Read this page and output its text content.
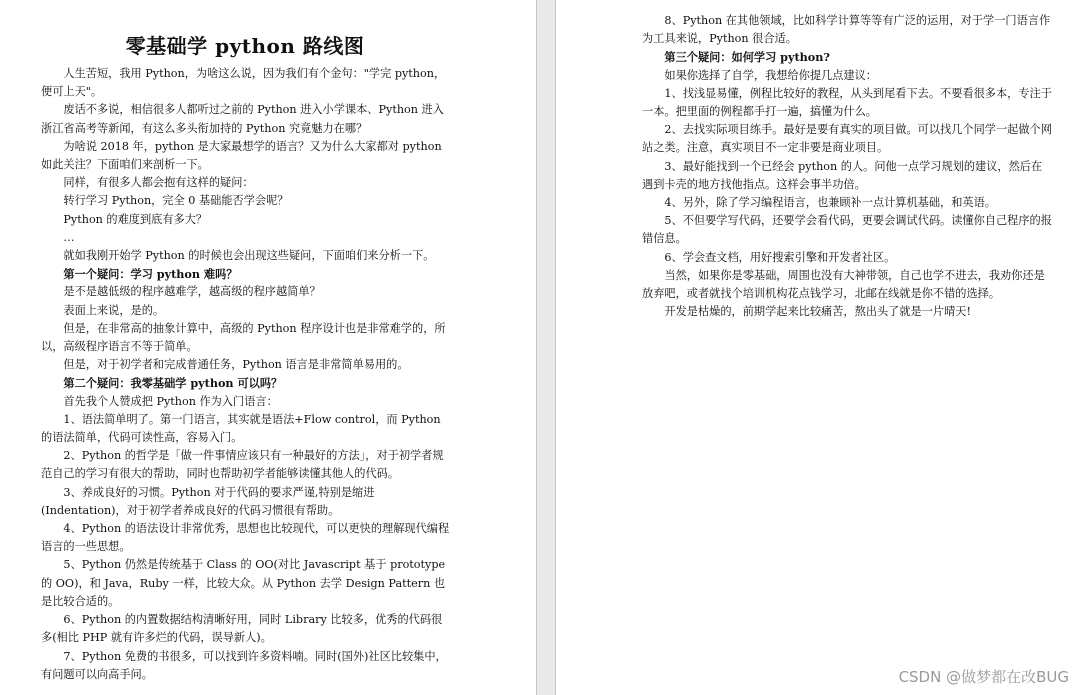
零基础学 python 路线图

人生苦短，我用 Python，为啥这么说，因为我们有个金句："学完 python，便可上天"。

废话不多说，相信很多人都听过之前的 Python 进入小学课本、Python 进入浙江省高考等新闻，有这么多头衔加持的 Python 究竟魅力在哪？

为啥说 2018 年，python 是大家最想学的语言？又为什么大家都对 python 如此关注？下面咱们来剖析一下。

同样，有很多人都会抱有这样的疑问：

转行学习 Python，完全 0 基础能否学会呢？

Python 的难度到底有多大？

…

就如我刚开始学 Python 的时候也会出现这些疑问，下面咱们来分析一下。

第一个疑问：学习 python 难吗？

是不是越低级的程序越难学，越高级的程序越简单？

表面上来说，是的。

但是，在非常高的抽象计算中，高级的 Python 程序设计也是非常难学的，所以，高级程序语言不等于简单。

但是，对于初学者和完成普通任务，Python 语言是非常简单易用的。

第二个疑问：我零基础学 python 可以吗？

首先我个人赞成把 Python 作为入门语言：

1、语法简单明了。第一门语言，其实就是语法+Flow control，而 Python 的语法简单，代码可读性高，容易入门。

2、Python 的哲学是「做一件事情应该只有一种最好的方法」，对于初学者规范自己的学习有很大的帮助，同时也帮助初学者能够读懂其他人的代码。

3、养成良好的习惯。Python 对于代码的要求严谨,特别是缩进(Indentation)，对于初学者养成良好的代码习惯很有帮助。

4、Python 的语法设计非常优秀，思想也比较现代，可以更快的理解现代编程语言的一些思想。

5、Python 仍然是传统基于 Class 的 OO(对比 Javascript 基于 prototype 的 OO)，和 Java，Ruby 一样，比较大众。从 Python 去学 Design Pattern 也是比较合适的。

6、Python 的内置数据结构清晰好用，同时 Library 比较多，优秀的代码很多(相比 PHP 就有许多烂的代码，误导新人)。

7、Python 免费的书很多，可以找到许多资料喃。同时(国外)社区比较集中，有问题可以向高手问。

8、Python 在其他领域，比如科学计算等等有广泛的运用，对于学一门语言作为工具来说，Python 很合适。

第三个疑问：如何学习 python?

如果你选择了自学，我想给你提几点建议：

1、找浅显易懂，例程比较好的教程，从头到尾看下去。不要看很多本，专注于一本。把里面的例程都手打一遍，搞懂为什么。

2、去找实际项目练手。最好是要有真实的项目做。可以找几个同学一起做个网站之类。注意，真实项目不一定非要是商业项目。

3、最好能找到一个已经会 python 的人。问他一点学习规划的建议，然后在遇到卡壳的地方找他指点。这样会事半功倍。

4、另外，除了学习编程语言，也兼顾补一点计算机基础，和英语。

5、不但要学写代码，还要学会看代码，更要会调试代码。读懂你自己程序的报错信息。

6、学会查文档，用好搜索引擎和开发者社区。

当然，如果你是零基础，周围也没有大神带领，自己也学不进去，我劝你还是放弃吧，或者就找个培训机构花点钱学习，北邮在线就是你不错的选择。

开发是枯燥的，前期学起来比较痛苦，熬出头了就是一片晴天!

CSDN @做梦都在改BUG
